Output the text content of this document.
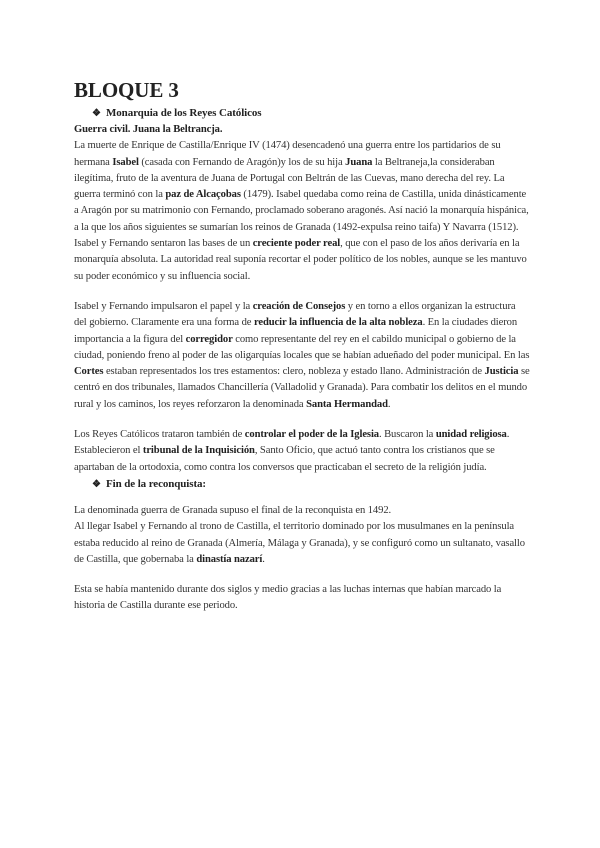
BLOQUE 3
❖ Monarquia de los Reyes Católicos

Guerra civil. Juana la Beltrancja.

La muerte de Enrique de Castilla/Enrique IV (1474) desencadenó una guerra entre los partidarios de su hermana Isabel (casada con Fernando de Aragón)y los de su hija Juana la Beltraneja,la consideraban ilegítima, fruto de la aventura de Juana de Portugal con Beltrán de las Cuevas, mano derecha del rey. La guerra terminó con la paz de Alcaçobas (1479). Isabel quedaba como reina de Castilla, unida dinásticamente a Aragón por su matrimonio con Fernando, proclamado soberano aragonés. Así nació la monarquía hispánica, a la que los años siguientes se sumarían los reinos de Granada (1492-expulsa reino taifa) Y Navarra (1512).

Isabel y Fernando sentaron las bases de un creciente poder real, que con el paso de los años derivaría en la monarquía absoluta. La autoridad real suponía recortar el poder político de los nobles, aunque se les mantuvo su poder económico y su influencia social.

Isabel y Fernando impulsaron el papel y la creación de Consejos y en torno a ellos organizan la estructura del gobierno. Claramente era una forma de reducir la influencia de la alta nobleza. En la ciudades dieron importancia a la figura del corregidor como representante del rey en el cabildo municipal o gobierno de la ciudad, poniendo freno al poder de las oligarquías locales que se habían adueñado del poder municipal. En las Cortes estaban representados los tres estamentos: clero, nobleza y estado llano. Administración de Justicia se centró en dos tribunales, llamados Chancillería (Valladolid y Granada). Para combatir los delitos en el mundo rural y los caminos, los reyes reforzaron la denominada Santa Hermandad.

Los Reyes Católicos trataron también de controlar el poder de la Iglesia. Buscaron la unidad religiosa. Establecieron el tribunal de la Inquisición, Santo Oficio, que actuó tanto contra los cristianos que se apartaban de la ortodoxia, como contra los conversos que practicaban el secreto de la religión judía.

❖ Fin de la reconquista:

La denominada guerra de Granada supuso el final de la reconquista en 1492.

Al llegar Isabel y Fernando al trono de Castilla, el territorio dominado por los musulmanes en la península estaba reducido al reino de Granada (Almería, Málaga y Granada), y se configuró como un sultanato, vasallo de Castilla, que gobernaba la dinastía nazarí.

Esta se había mantenido durante dos siglos y medio gracias a las luchas internas que habían marcado la historia de Castilla durante ese periodo.
